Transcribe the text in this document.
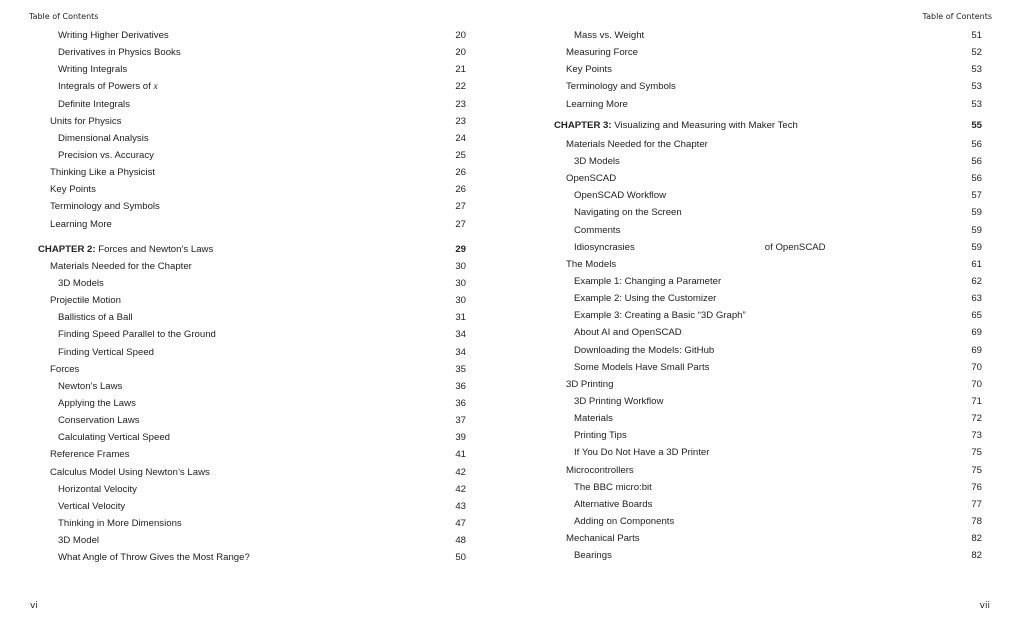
Table of Contents	Table of Contents
Writing Higher Derivatives	20
Derivatives in Physics Books	20
Writing Integrals	21
Integrals of Powers of x	22
Definite Integrals	23
Units for Physics	23
Dimensional Analysis	24
Precision vs. Accuracy	25
Thinking Like a Physicist	26
Key Points	26
Terminology and Symbols	27
Learning More	27
CHAPTER 2: Forces and Newton’s Laws	29
Materials Needed for the Chapter	30
3D Models	30
Projectile Motion	30
Ballistics of a Ball	31
Finding Speed Parallel to the Ground	34
Finding Vertical Speed	34
Forces	35
Newton’s Laws	36
Applying the Laws	36
Conservation Laws	37
Calculating Vertical Speed	39
Reference Frames	41
Calculus Model Using Newton’s Laws	42
Horizontal Velocity	42
Vertical Velocity	43
Thinking in More Dimensions	47
3D Model	48
What Angle of Throw Gives the Most Range?	50
Mass vs. Weight	51
Measuring Force	52
Key Points	53
Terminology and Symbols	53
Learning More	53
CHAPTER 3: Visualizing and Measuring with Maker Tech	55
Materials Needed for the Chapter	56
3D Models	56
OpenSCAD	56
OpenSCAD Workflow	57
Navigating on the Screen	59
Comments	59
Idiosyncrasies	of OpenSCAD	59
The Models	61
Example 1: Changing a Parameter	62
Example 2: Using the Customizer	63
Example 3: Creating a Basic “3D Graph”	65
About AI and OpenSCAD	69
Downloading the Models: GitHub	69
Some Models Have Small Parts	70
3D Printing	70
3D Printing Workflow	71
Materials	72
Printing Tips	73
If You Do Not Have a 3D Printer	75
Microcontrollers	75
The BBC micro:bit	76
Alternative Boards	77
Adding on Components	78
Mechanical Parts	82
Bearings	82
vi	vii
